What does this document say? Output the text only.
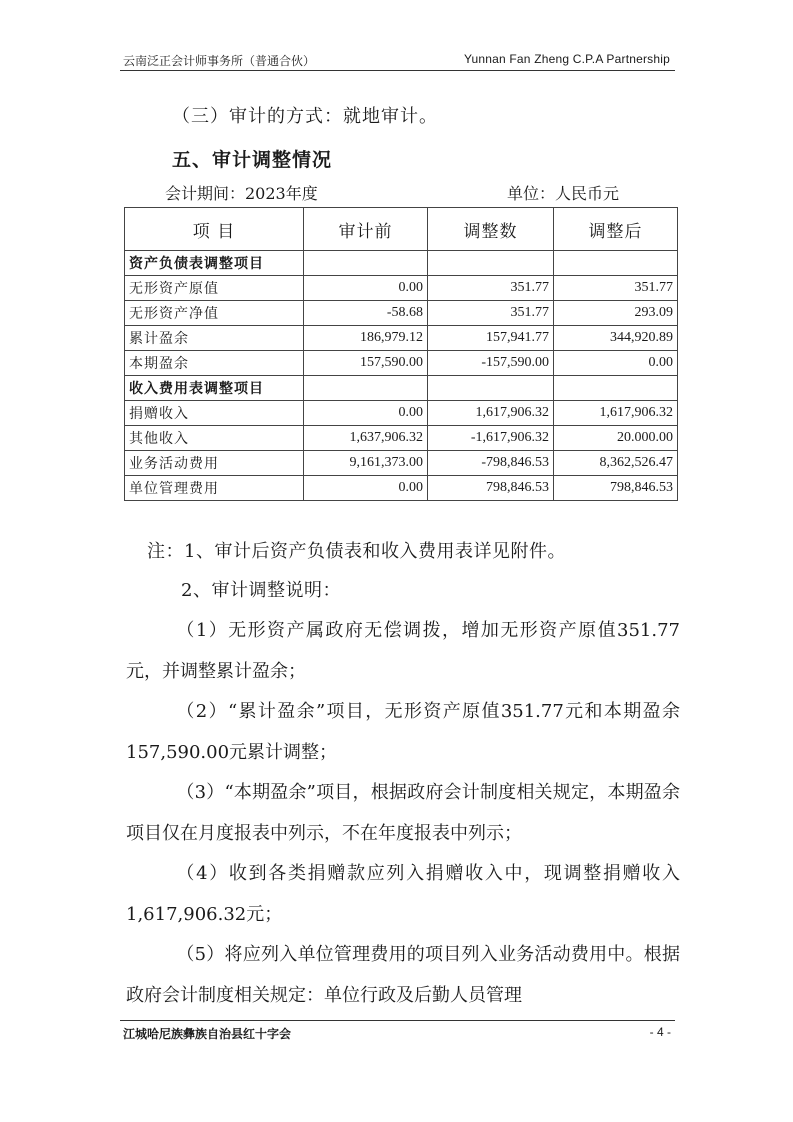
云南泛正会计师事务所（普通合伙）	Yunnan Fan Zheng C.P.A Partnership
（三）审计的方式：就地审计。
五、审计调整情况
会计期间：2023年度	单位：人民币元
项 目	审计前	调整数	调整后
资产负债表调整项目			
无形资产原值	0.00	351.77	351.77
无形资产净值	-58.68	351.77	293.09
累计盈余	186,979.12	157,941.77	344,920.89
本期盈余	157,590.00	-157,590.00	0.00
收入费用表调整项目			
捐赠收入	0.00	1,617,906.32	1,617,906.32
其他收入	1,637,906.32	-1,617,906.32	20.000.00
业务活动费用	9,161,373.00	-798,846.53	8,362,526.47
单位管理费用	0.00	798,846.53	798,846.53
注：1、审计后资产负债表和收入费用表详见附件。
2、审计调整说明：
（1）无形资产属政府无偿调拨，增加无形资产原值351.77元，并调整累计盈余；
（2）“累计盈余”项目，无形资产原值351.77元和本期盈余157,590.00元累计调整；
（3）“本期盈余”项目，根据政府会计制度相关规定，本期盈余项目仅在月度报表中列示，不在年度报表中列示；
（4）收到各类捐赠款应列入捐赠收入中，现调整捐赠收入1,617,906.32元；
（5）将应列入单位管理费用的项目列入业务活动费用中。根据政府会计制度相关规定：单位行政及后勤人员管理
江城哈尼族彝族自治县红十字会	- 4 -
